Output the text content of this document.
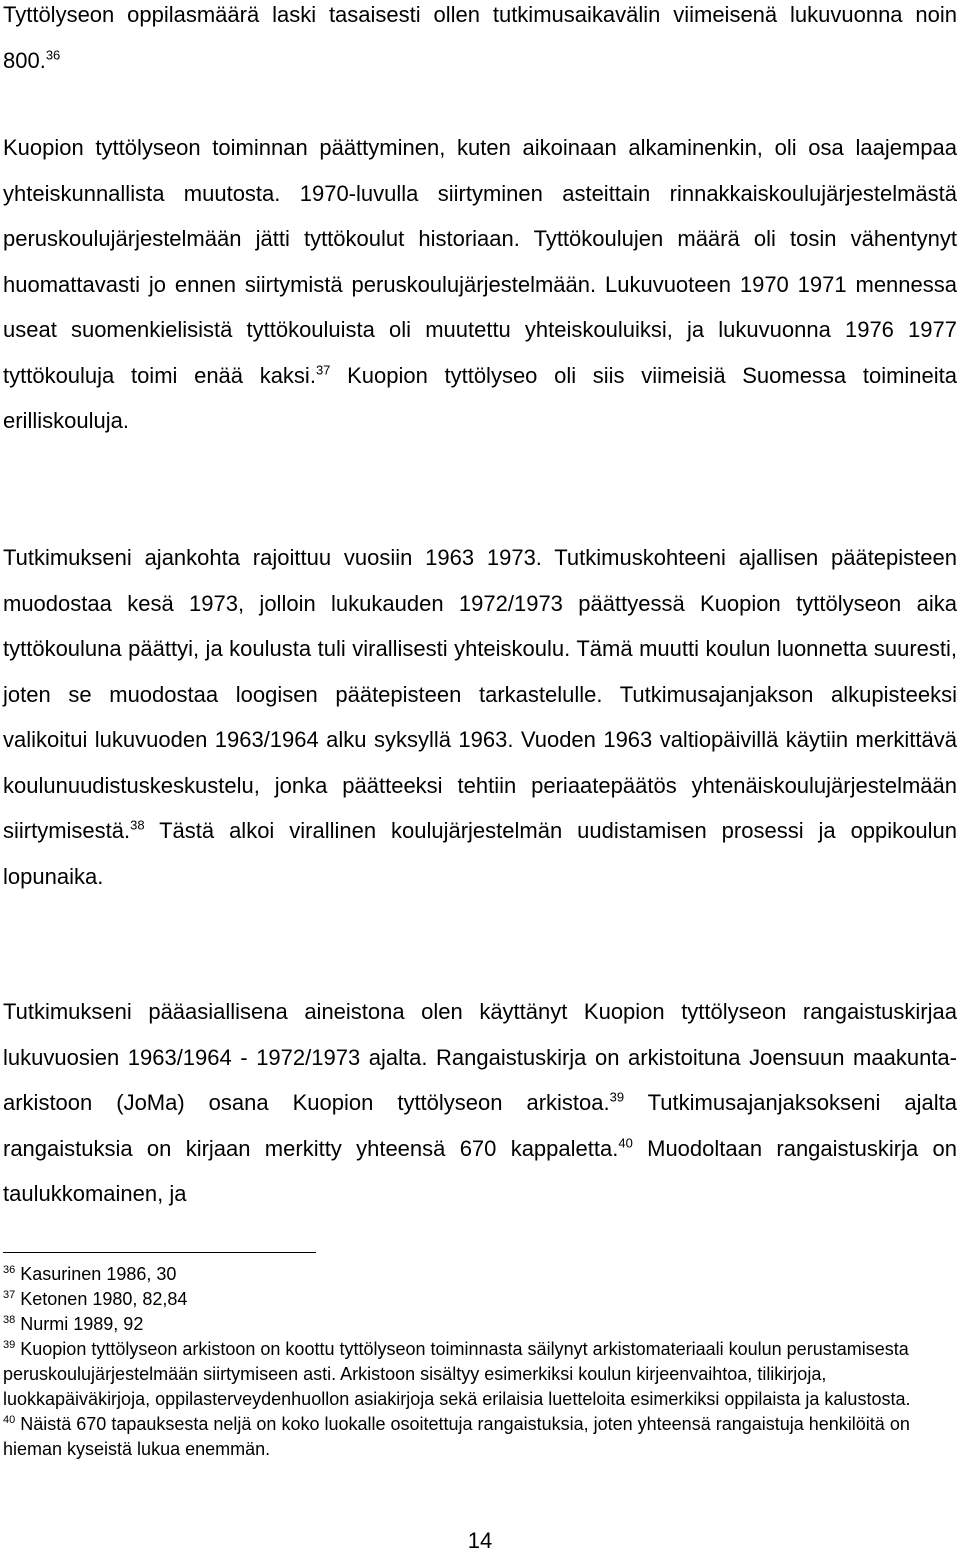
Tyttölyseon oppilasmäärä laski tasaisesti ollen tutkimusaikavälin viimeisenä lukuvuonna noin 800.36

Kuopion tyttölyseon toiminnan päättyminen, kuten aikoinaan alkaminenkin, oli osa laajempaa yhteiskunnallista muutosta. 1970-luvulla siirtyminen asteittain rinnakkaiskoulujärjestelmästä peruskoulujärjestelmään jätti tyttökoulut historiaan. Tyttökoulujen määrä oli tosin vähentynyt huomattavasti jo ennen siirtymistä peruskoulujärjestelmään. Lukuvuoteen 1970 1971 mennessa useat suomenkielisistä tyttökouluista oli muutettu yhteiskouluiksi, ja lukuvuonna 1976 1977 tyttökouluja toimi enää kaksi.$^{37}$ Kuopion tyttölyseo oli siis viimeisiä Suomessa toimineita erilliskouluja.

Tutkimukseni ajankohta rajoittuu vuosiin 1963 1973. Tutkimuskohteeni ajallisen päätepisteen muodostaa kesä 1973, jolloin lukukauden 1972/1973 päättyessä Kuopion tyttölyseon aika tyttökouluna päättyi, ja koulusta tuli virallisesti yhteiskoulu. Tämä muutti koulun luonnetta suuresti, joten se muodostaa loogisen päätepisteen tarkastelulle. Tutkimusajanjakson alkupisteeksi valikoitui lukuvuoden 1963/1964 alku syksyllä 1963. Vuoden 1963 valtiopäivillä käytiin merkittävä koulunuudistuskeskustelu, jonka päätteeksi tehtiin periaatepäätös yhtenäiskoulujärjestelmään siirtymisestä.$^{38}$ Tästä alkoi virallinen koulujärjestelmän uudistamisen prosessi ja oppikoulun lopunaika.

Tutkimukseni pääasiallisena aineistona olen käyttänyt Kuopion tyttölyseon rangaistuskirjaa lukuvuosien 1963/1964 - 1972/1973 ajalta. Rangaistuskirja on arkistoituna Joensuun maakunta-arkistoon (JoMa) osana Kuopion tyttölyseon arkistoa.$^{39}$ Tutkimusajanjaksokseni ajalta rangaistuksia on kirjaan merkitty yhteensä 670 kappaletta.$^{40}$ Muodoltaan rangaistuskirja on taulukkomainen, ja

$^{36}$ Kasurinen 1986, 30

$^{37}$ Ketonen 1980, 82,84

$^{38}$ Nurmi 1989, 92

$^{39}$ Kuopion tyttölyseon arkistoon on koottu tyttölyseon toiminnasta säilynyt arkistomateriaali koulun perustamisesta peruskoulujärjestelmään siirtymiseen asti. Arkistoon sisältyy esimerkiksi koulun kirjeenvaihtoa, tilikirjoja, luokkapäiväkirjoja, oppilasterveydenhuollon asiakirjoja sekä erilaisia luetteloita esimerkiksi oppilaista ja kalustosta.

$^{40}$ Näistä 670 tapauksesta neljä on koko luokalle osoitettuja rangaistuksia, joten yhteensä rangaistuja henkilöitä on hieman kyseistä lukua enemmän.

14
